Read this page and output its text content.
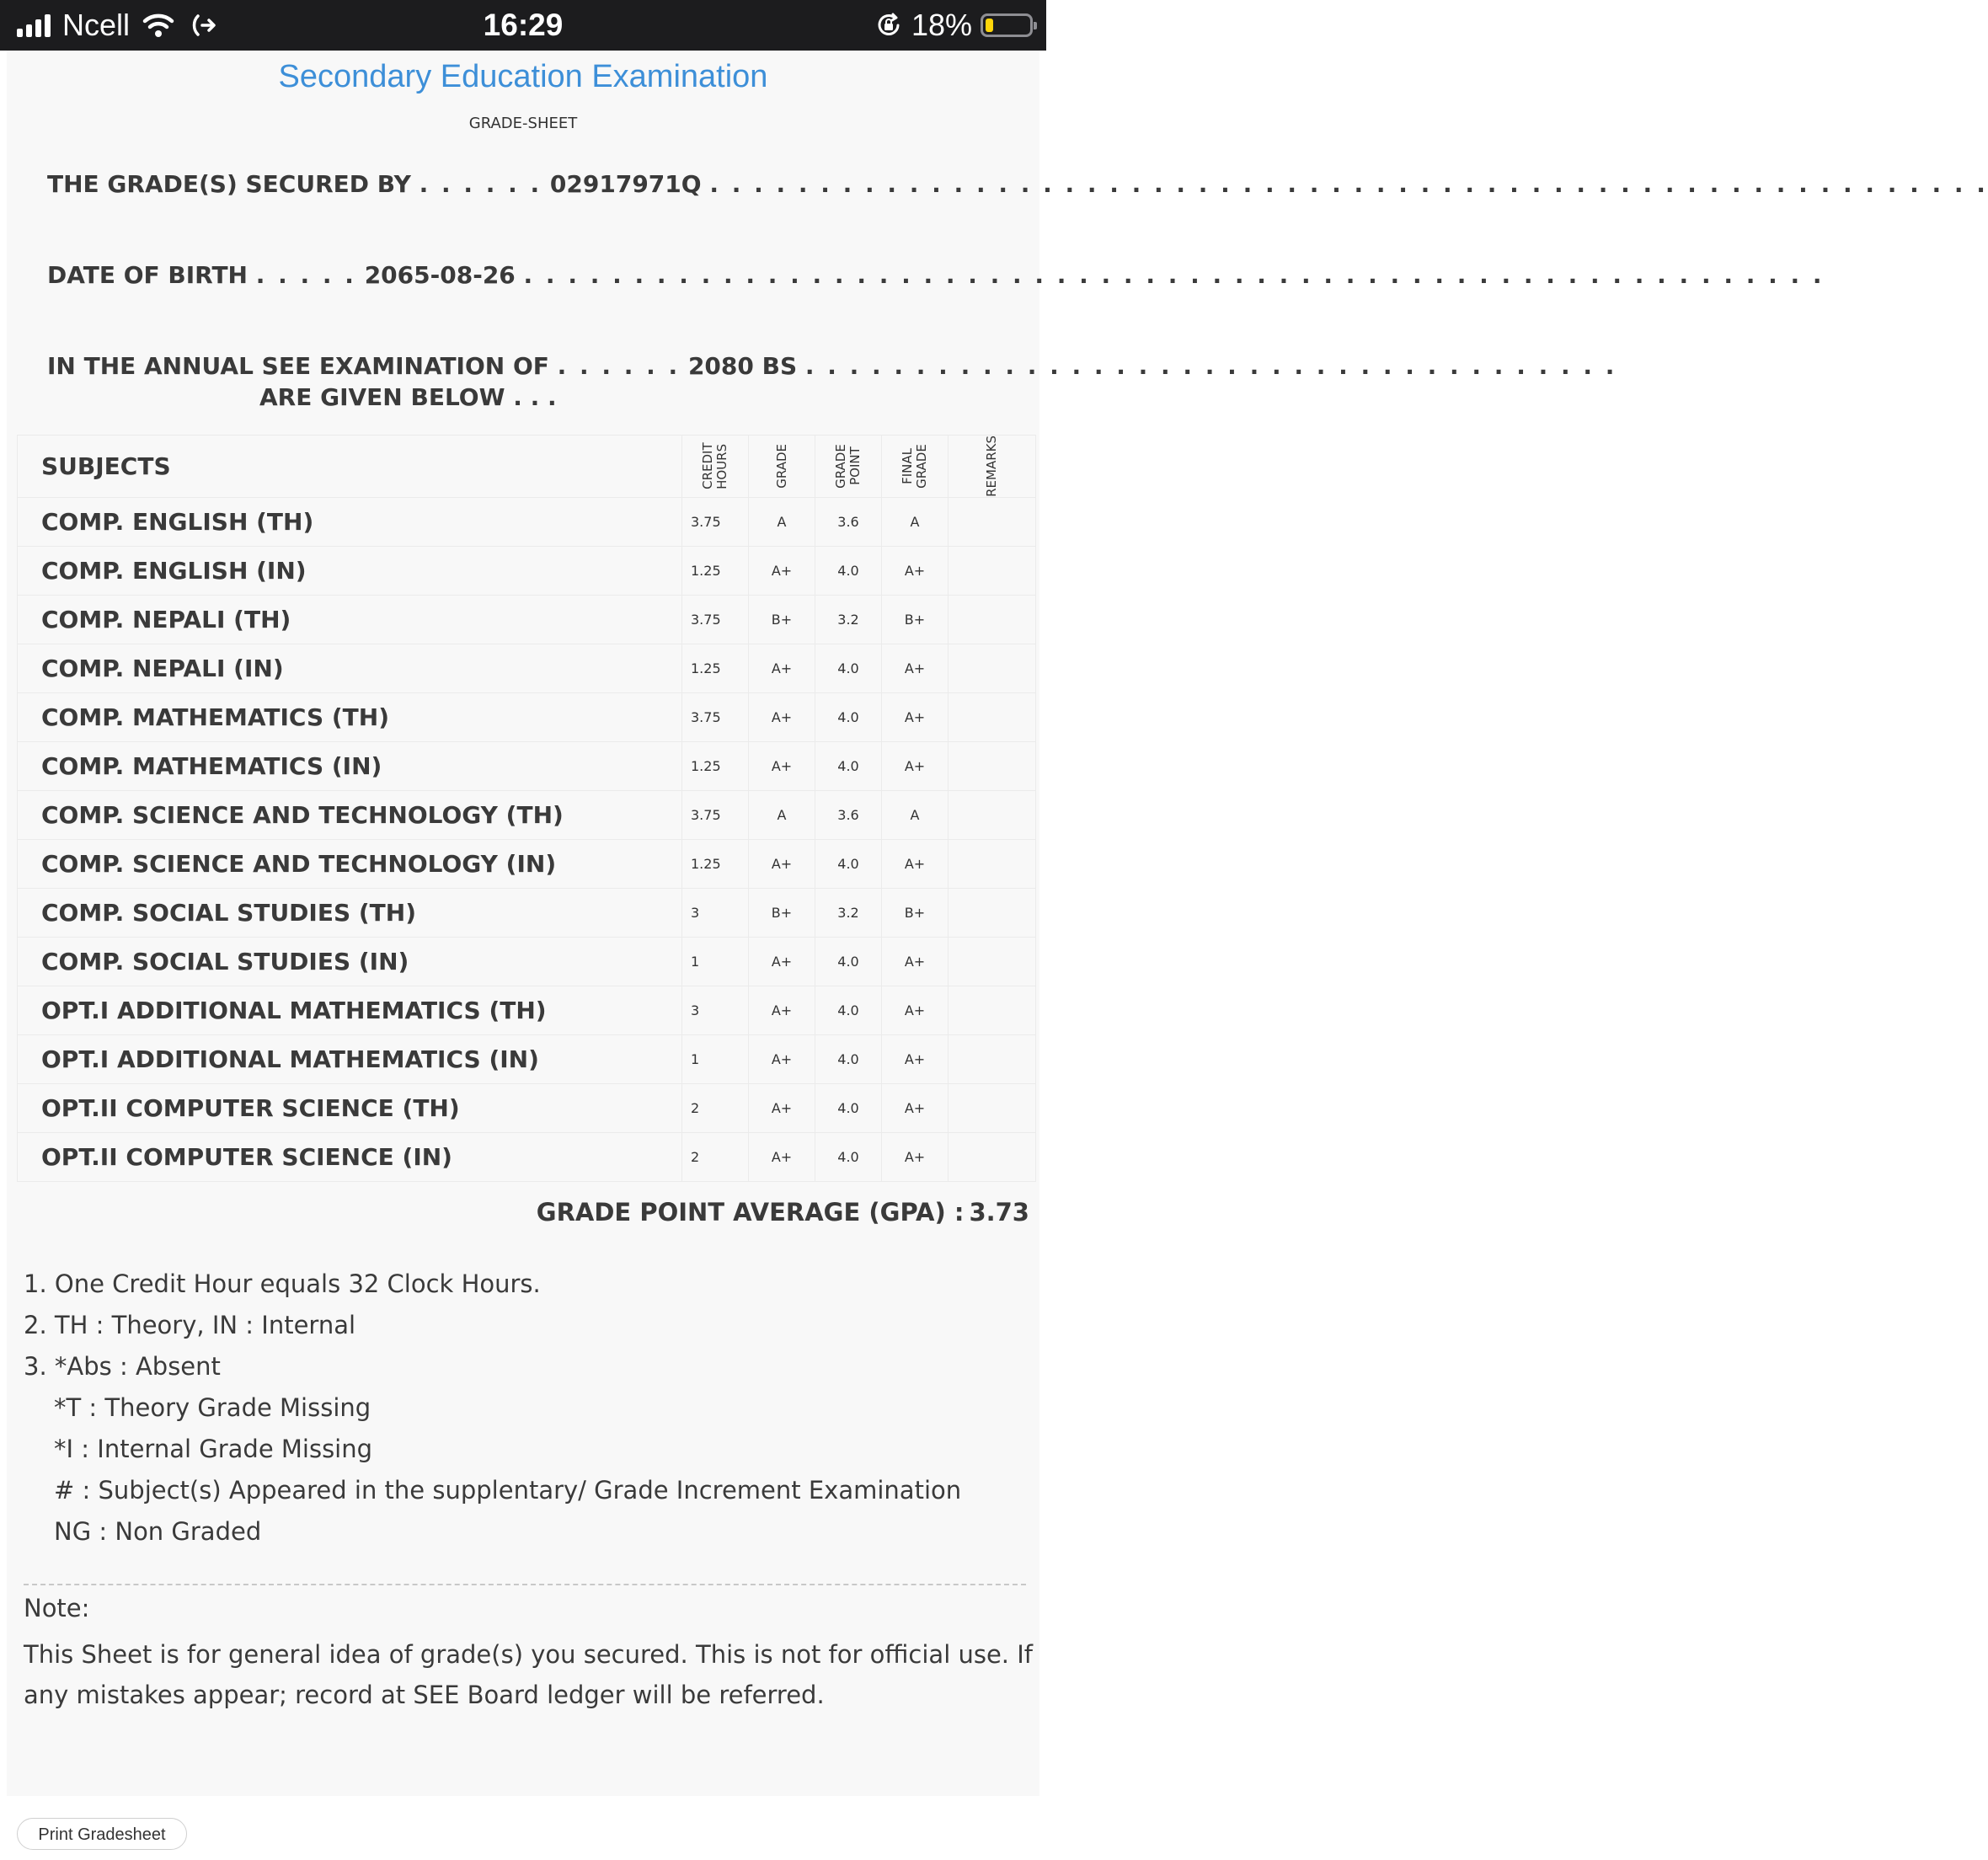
Ncell	16:29	18%
Secondary Education Examination
GRADE-SHEET
THE GRADE(S) SECURED BY . . . . . . 02917971Q . . . . . . . . . . . . . . . . . . . . . . . . . . . . . . . . . . . . . . . . . . . . . . . . . . . . . . . . . .
DATE OF BIRTH . . . . . 2065-08-26 . . . . . . . . . . . . . . . . . . . . . . . . . . . . . . . . . . . . . . . . . . . . . . . . . . . . . . . . . . .
IN THE ANNUAL SEE EXAMINATION OF . . . . . . 2080 BS . . . . . . . . . . . . . . . . . . . . . . . . . . . . . . . . . . . . .
ARE GIVEN BELOW . . .
SUBJECTS	CREDIT HOURS	GRADE	GRADE POINT	FINAL GRADE	REMARKS

COMP. ENGLISH (TH)	3.75	A	3.6	A	
COMP. ENGLISH (IN)	1.25	A+	4.0	A+	
COMP. NEPALI (TH)	3.75	B+	3.2	B+	
COMP. NEPALI (IN)	1.25	A+	4.0	A+	
COMP. MATHEMATICS (TH)	3.75	A+	4.0	A+	
COMP. MATHEMATICS (IN)	1.25	A+	4.0	A+	
COMP. SCIENCE AND TECHNOLOGY (TH)	3.75	A	3.6	A	
COMP. SCIENCE AND TECHNOLOGY (IN)	1.25	A+	4.0	A+	
COMP. SOCIAL STUDIES (TH)	3	B+	3.2	B+	
COMP. SOCIAL STUDIES (IN)	1	A+	4.0	A+	
OPT.I ADDITIONAL MATHEMATICS (TH)	3	A+	4.0	A+	
OPT.I ADDITIONAL MATHEMATICS (IN)	1	A+	4.0	A+	
OPT.II COMPUTER SCIENCE (TH)	2	A+	4.0	A+	
OPT.II COMPUTER SCIENCE (IN)	2	A+	4.0	A+	
GRADE POINT AVERAGE (GPA) : 3.73
1. One Credit Hour equals 32 Clock Hours.
2. TH : Theory, IN : Internal
3. *Abs : Absent
*T : Theory Grade Missing
*I : Internal Grade Missing
# : Subject(s) Appeared in the supplentary/ Grade Increment Examination
NG : Non Graded
Note:
This Sheet is for general idea of grade(s) you secured. This is not for official use. If any mistakes appear; record at SEE Board ledger will be referred.
Print Gradesheet
